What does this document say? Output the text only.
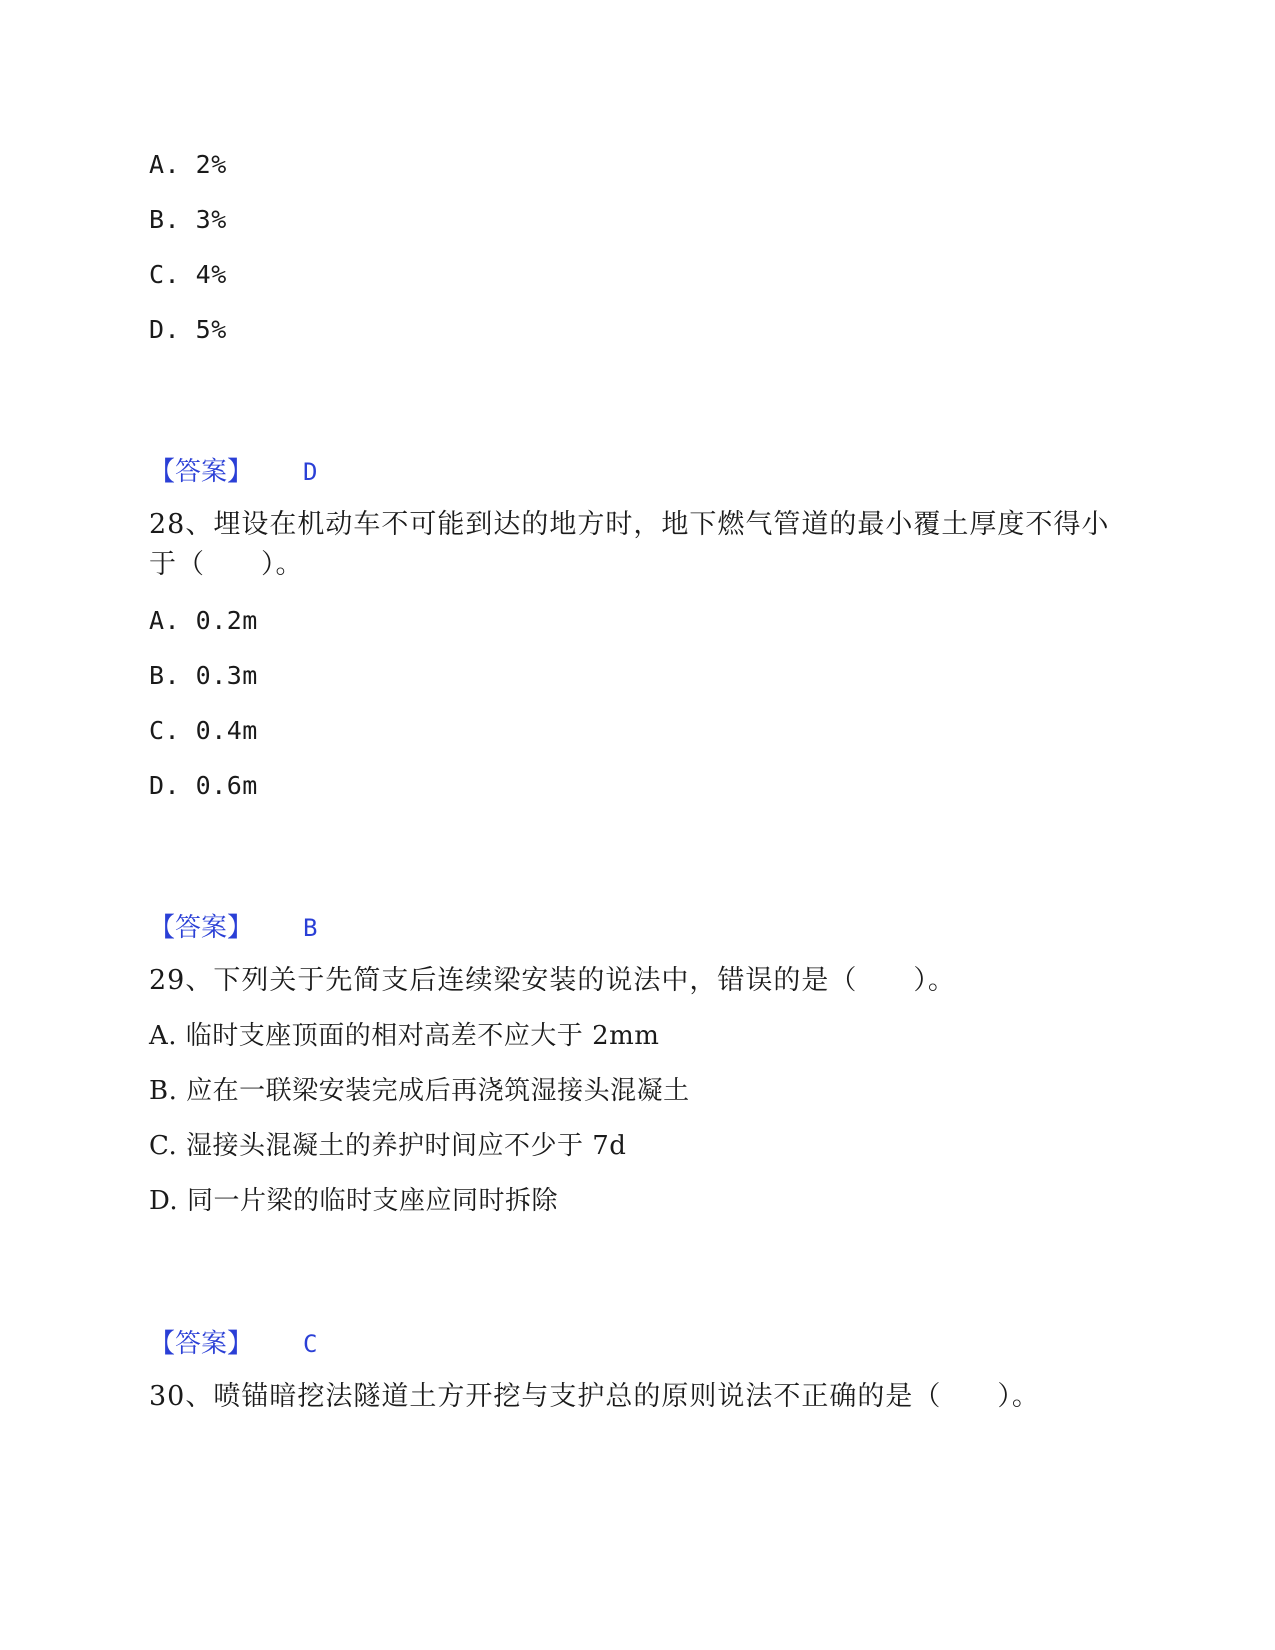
A. 2%
B. 3%
C. 4%
D. 5%
【答案】 D
28、埋设在机动车不可能到达的地方时，地下燃气管道的最小覆土厚度不得小于（　　）。
A. 0.2m
B. 0.3m
C. 0.4m
D. 0.6m
【答案】 B
29、下列关于先简支后连续梁安装的说法中，错误的是（　　）。
A. 临时支座顶面的相对高差不应大于 2mm
B. 应在一联梁安装完成后再浇筑湿接头混凝土
C. 湿接头混凝土的养护时间应不少于 7d
D. 同一片梁的临时支座应同时拆除
【答案】 C
30、喷锚暗挖法隧道土方开挖与支护总的原则说法不正确的是（　　）。
